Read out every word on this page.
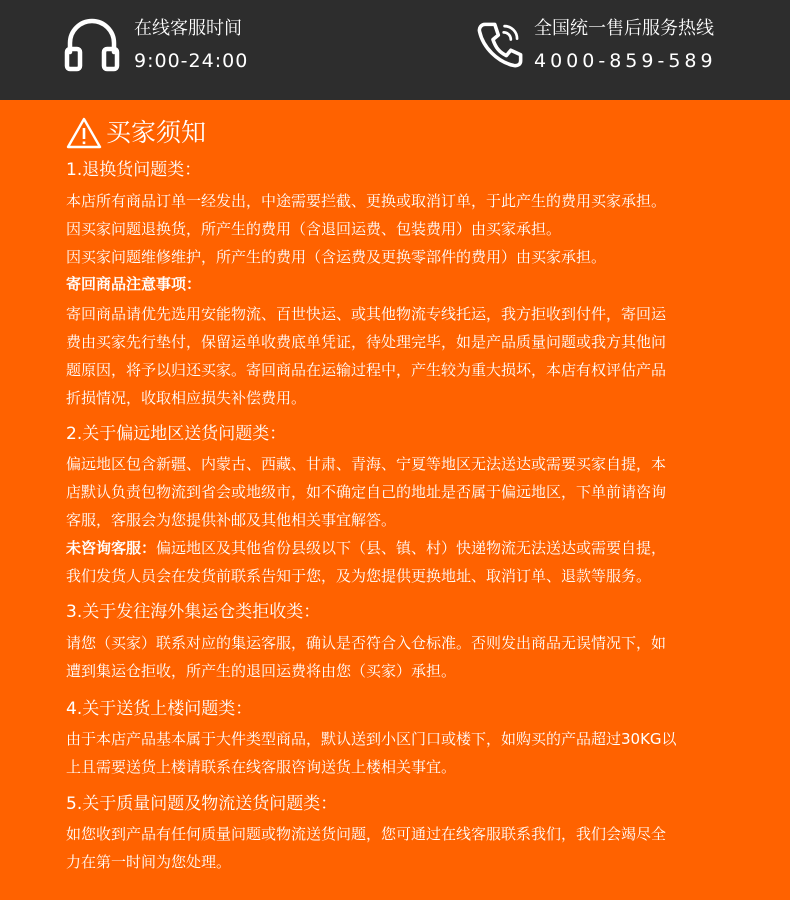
在线客服时间
9:00-24:00
全国统一售后服务热线
4000-859-589
买家须知
1.退换货问题类：
本店所有商品订单一经发出，中途需要拦截、更换或取消订单，于此产生的费用买家承担。
因买家问题退换货，所产生的费用（含退回运费、包装费用）由买家承担。
因买家问题维修维护，所产生的费用（含运费及更换零部件的费用）由买家承担。
寄回商品注意事项：
寄回商品请优先选用安能物流、百世快运、或其他物流专线托运，我方拒收到付件，寄回运
费由买家先行垫付，保留运单收费底单凭证，待处理完毕，如是产品质量问题或我方其他问
题原因，将予以归还买家。寄回商品在运输过程中，产生较为重大损坏，本店有权评估产品
折损情况，收取相应损失补偿费用。
2.关于偏远地区送货问题类：
偏远地区包含新疆、内蒙古、西藏、甘肃、青海、宁夏等地区无法送达或需要买家自提，本
店默认负责包物流到省会或地级市，如不确定自己的地址是否属于偏远地区，下单前请咨询
客服，客服会为您提供补邮及其他相关事宜解答。
未咨询客服：偏远地区及其他省份县级以下（县、镇、村）快递物流无法送达或需要自提，
我们发货人员会在发货前联系告知于您，及为您提供更换地址、取消订单、退款等服务。
3.关于发往海外集运仓类拒收类：
请您（买家）联系对应的集运客服，确认是否符合入仓标准。否则发出商品无误情况下，如
遭到集运仓拒收，所产生的退回运费将由您（买家）承担。
4.关于送货上楼问题类：
由于本店产品基本属于大件类型商品，默认送到小区门口或楼下，如购买的产品超过30KG以
上且需要送货上楼请联系在线客服咨询送货上楼相关事宜。
5.关于质量问题及物流送货问题类：
如您收到产品有任何质量问题或物流送货问题，您可通过在线客服联系我们，我们会竭尽全
力在第一时间为您处理。
